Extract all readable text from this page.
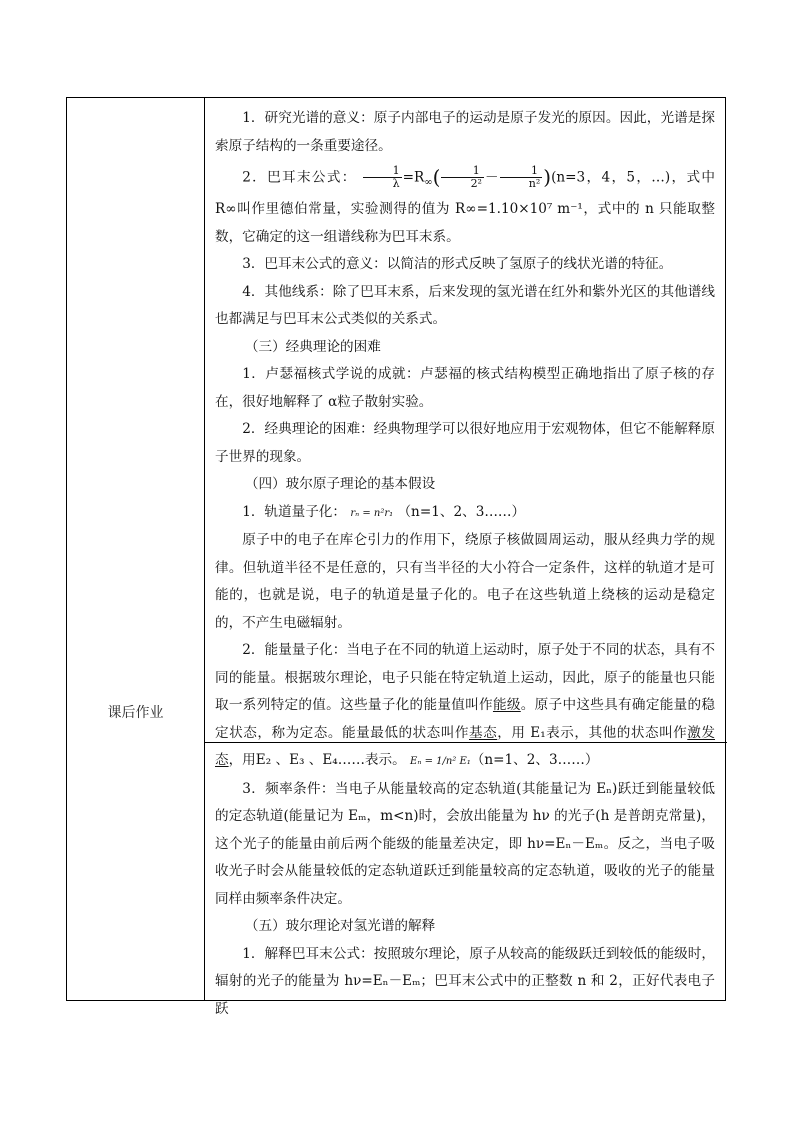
课后作业

1．研究光谱的意义：原子内部电子的运动是原子发光的原因。因此，光谱是探索原子结构的一条重要途径。

2．巴耳末公式： $\frac{1}{\lambda} =R_\infty( \frac{1}{\text{2²}} - \frac{1}{\text{n²}} )(n=3$，4，5，…)，式中 R∞叫作里德伯常量，实验测得的值为 R∞=1.10×10⁷ m⁻¹，式中的 n 只能取整数，它确定的这一组谱线称为巴耳末系。

3．巴耳末公式的意义：以简洁的形式反映了氢原子的线状光谱的特征。

4．其他线系：除了巴耳末系，后来发现的氢光谱在红外和紫外光区的其他谱线也都满足与巴耳末公式类似的关系式。

（三）经典理论的困难

1．卢瑟福核式学说的成就：卢瑟福的核式结构模型正确地指出了原子核的存在，很好地解释了 α粒子散射实验。

2．经典理论的困难：经典物理学可以很好地应用于宏观物体，但它不能解释原子世界的现象。

（四）玻尔原子理论的基本假设

1．轨道量子化： rₙ = n²r₁ （n=1、2、3……）

原子中的电子在库仑引力的作用下，绕原子核做圆周运动，服从经典力学的规律。但轨道半径不是任意的，只有当半径的大小符合一定条件，这样的轨道才是可能的，也就是说，电子的轨道是量子化的。电子在这些轨道上绕核的运动是稳定的，不产生电磁辐射。

2．能量量子化：当电子在不同的轨道上运动时，原子处于不同的状态，具有不同的能量。根据玻尔理论，电子只能在特定轨道上运动，因此，原子的能量也只能取一系列特定的值。这些量子化的能量值叫作能级。原子中这些具有确定能量的稳定状态，称为定态。能量最低的状态叫作基态，用 E₁表示，其他的状态叫作激发态，用E₂ 、E₃ 、E₄……表示。 Eₙ = 1/n² E₁（n=1、2、3……）

3．频率条件：当电子从能量较高的定态轨道(其能量记为 Eₙ)跃迁到能量较低的定态轨道(能量记为 Eₘ，m<n)时，会放出能量为 hν 的光子(h 是普朗克常量)，这个光子的能量由前后两个能级的能量差决定，即 hν=Eₙ－Eₘ。反之，当电子吸收光子时会从能量较低的定态轨道跃迁到能量较高的定态轨道，吸收的光子的能量同样由频率条件决定。

（五）玻尔理论对氢光谱的解释

1．解释巴耳末公式：按照玻尔理论，原子从较高的能级跃迁到较低的能级时，辐射的光子的能量为 hν=Eₙ－Eₘ；巴耳末公式中的正整数 n 和 2，正好代表电子跃
